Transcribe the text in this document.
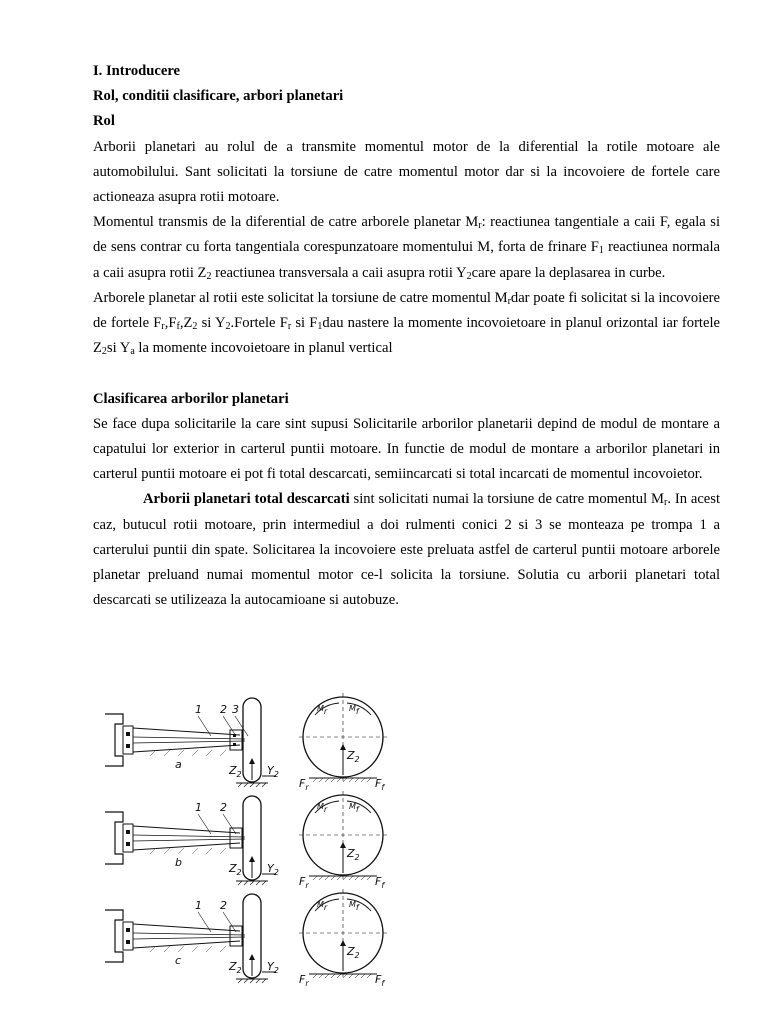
I. Introducere

Rol, conditii clasificare, arbori planetari

Rol

Arborii planetari au rolul de a transmite momentul motor de la diferential la rotile motoare ale automobilului. Sant solicitati la torsiune de catre momentul motor dar si la incovoiere de fortele care actioneaza asupra rotii motoare.

Momentul transmis de la diferential de catre arborele planetar $M_r$: reactiunea tangentiale a caii F, egala si de sens contrar cu forta tangentiala corespunzatoare momentului M, forta de frinare $F_1$ reactiunea normala a caii asupra rotii $Z_2$ reactiunea transversala a caii asupra rotii $Y_2care$ apare la deplasarea in curbe.

Arborele planetar al rotii este solicitat la torsiune de catre momentul $M_rdar$ poate fi solicitat si la incovoiere de fortele $F_r,F_f,Z_2$ si $Y_2.Fortele$ $F_r$ si $F_1dau$ nastere la momente incovoietoare in planul orizontal iar fortele $Z_2si$ $Y_a$ la momente incovoietoare in planul vertical

Clasificarea arborilor planetari

Se face dupa solicitarile la care sint supusi Solicitarile arborilor planetarii depind de modul de montare a capatului lor exterior in carterul puntii motoare. In functie de modul de montare a arborilor planetari in carterul puntii motoare ei pot fi total descarcati, semiincarcati si total incarcati de momentul incovoietor.

Arborii planetari total descarcati sint solicitati numai la torsiune de catre momentul $M_r$. In acest caz, butucul rotii motoare, prin intermediul a doi rulmenti conici 2 si 3 se monteaza pe trompa 1 a carterului puntii din spate. Solicitarea la incovoiere este preluata astfel de carterul puntii motoare arborele planetar preluand numai momentul motor ce-l solicita la torsiune. Solutia cu arborii planetari total descarcati se utilizeaza la autocamioane si autobuze.

1 2 3
a	$Z_2$ $Y_2$
Mr	Mf
$Z_2$
$F_r$	$F_f$
1 2
b	$Z_2$ $Y_2$
Mr	Mf
$Z_2$
$F_r$	$F_f$
1 2
c	$Z_2$ $Y_2$
Mr	Mf
$Z_2$
$F_r$	$F_f$
